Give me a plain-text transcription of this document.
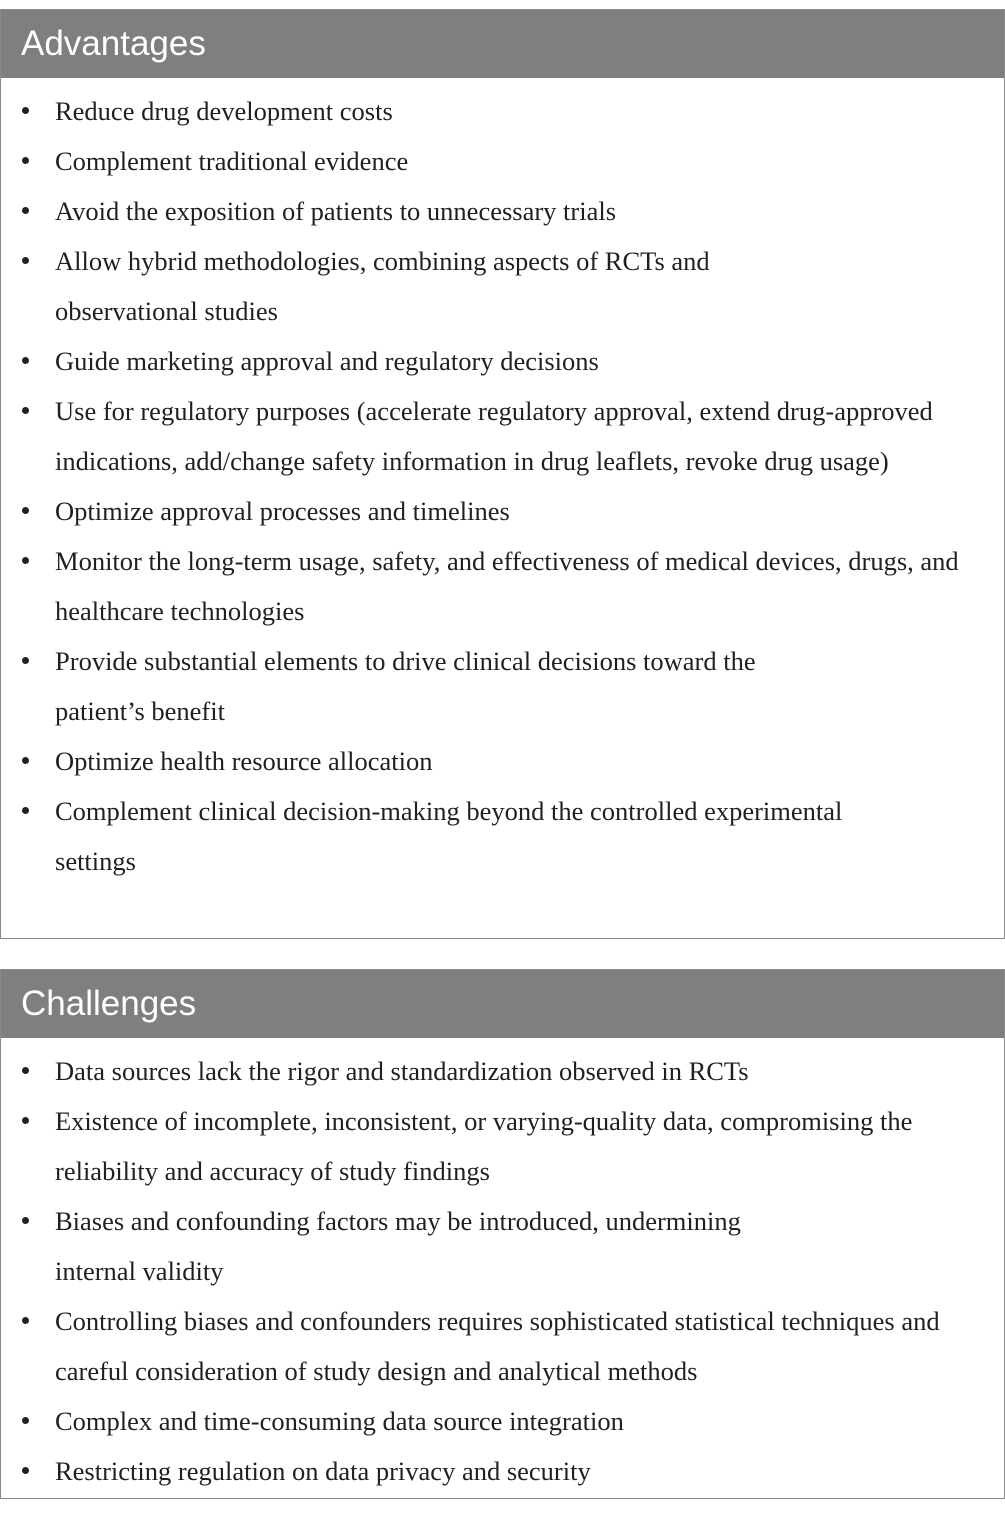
Advantages
Reduce drug development costs
Complement traditional evidence
Avoid the exposition of patients to unnecessary trials
Allow hybrid methodologies, combining aspects of RCTs and observational studies
Guide marketing approval and regulatory decisions
Use for regulatory purposes (accelerate regulatory approval, extend drug-approved indications, add/change safety information in drug leaflets, revoke drug usage)
Optimize approval processes and timelines
Monitor the long-term usage, safety, and effectiveness of medical devices, drugs, and healthcare technologies
Provide substantial elements to drive clinical decisions toward the patient’s benefit
Optimize health resource allocation
Complement clinical decision-making beyond the controlled experimental settings
Challenges
Data sources lack the rigor and standardization observed in RCTs
Existence of incomplete, inconsistent, or varying-quality data, compromising the reliability and accuracy of study findings
Biases and confounding factors may be introduced, undermining internal validity
Controlling biases and confounders requires sophisticated statistical techniques and careful consideration of study design and analytical methods
Complex and time-consuming data source integration
Restricting regulation on data privacy and security
